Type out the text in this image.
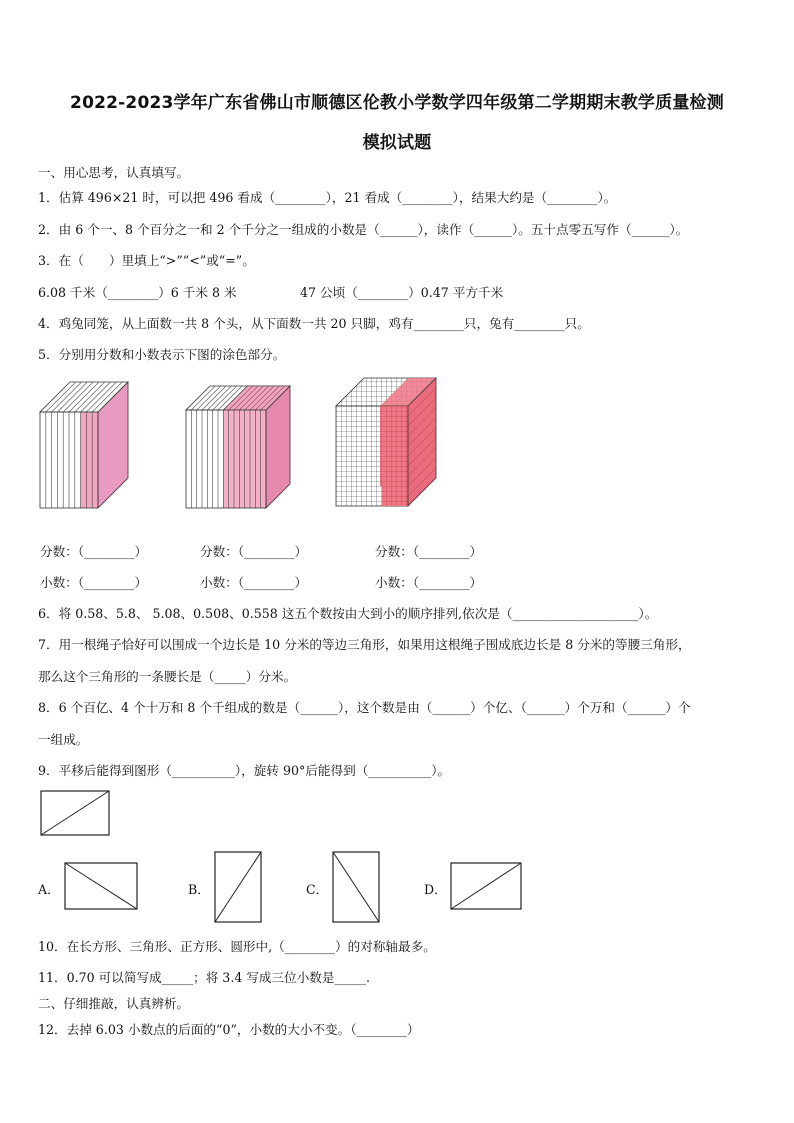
2022-2023学年广东省佛山市顺德区伦教小学数学四年级第二学期期末教学质量检测
模拟试题
一、用心思考，认真填写。
1．估算 496×21 时，可以把 496 看成（________），21 看成（________），结果大约是（________）。
2．由 6 个一、8 个百分之一和 2 个千分之一组成的小数是（______），读作（______）。五十点零五写作（______）。
3．在（　　）里填上“>”“<”或“=”。
6.08 千米（________）6 千米 8 米	47 公顷（________）0.47 平方千米
4．鸡兔同笼，从上面数一共 8 个头，从下面数一共 20 只脚，鸡有________只，兔有________只。
5．分别用分数和小数表示下图的涂色部分。
分数：（________）	分数：（________）	分数：（________）
小数：（________）	小数：（________）	小数：（________）
6．将 0.58、5.8、 5.08、0.508、0.558 这五个数按由大到小的顺序排列,依次是（____________________）。
7．用一根绳子恰好可以围成一个边长是 10 分米的等边三角形，如果用这根绳子围成底边长是 8 分米的等腰三角形，
那么这个三角形的一条腰长是（_____）分米。
8．6 个百亿、4 个十万和 8 个千组成的数是（______），这个数是由（______）个亿、（______）个万和（______）个
一组成。
9．平移后能得到图形（__________），旋转 90°后能得到（__________）。
A．	B．	C．	D．
10．在长方形、三角形、正方形、圆形中,（________）的对称轴最多。
11．0.70 可以简写成_____；将 3.4 写成三位小数是_____.
二、仔细推敲，认真辨析。
12．去掉 6.03 小数点的后面的“0”，小数的大小不变。（________）
